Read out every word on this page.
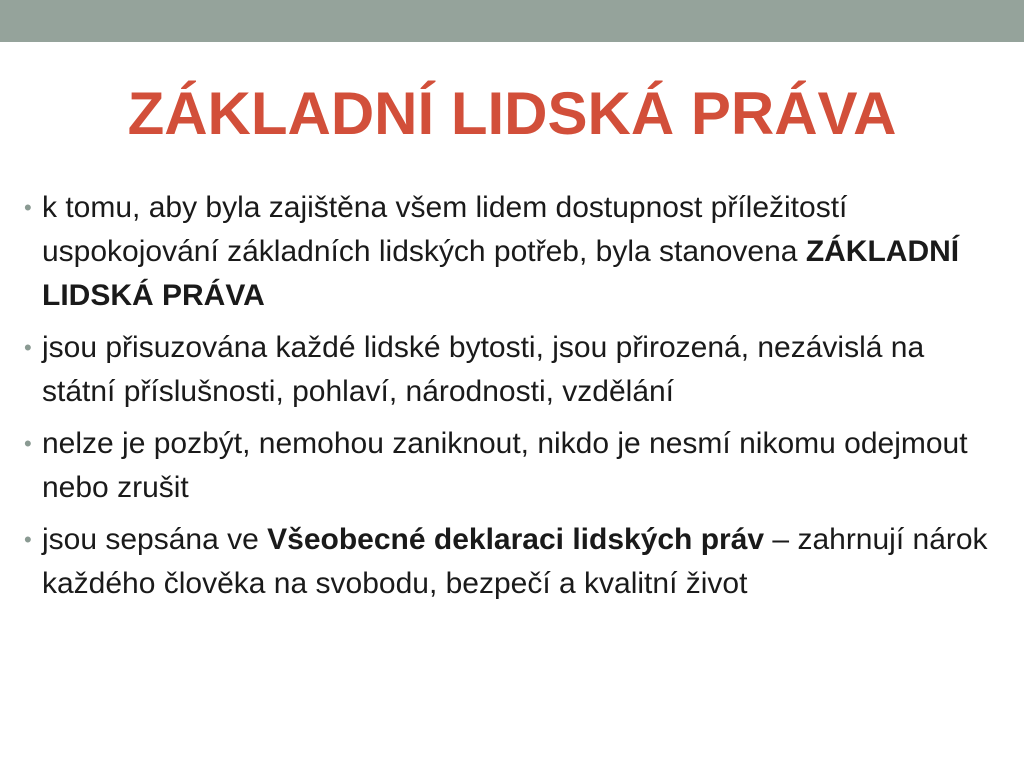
ZÁKLADNÍ LIDSKÁ PRÁVA
• k tomu, aby byla zajištěna všem lidem dostupnost příležitostí uspokojování základních lidských potřeb, byla stanovena ZÁKLADNÍ LIDSKÁ PRÁVA
• jsou přisuzována každé lidské bytosti, jsou přirozená, nezávislá na státní příslušnosti, pohlaví, národnosti, vzdělání
• nelze je pozbýt, nemohou zaniknout, nikdo je nesmí nikomu odejmout nebo zrušit
• jsou sepsána ve Všeobecné deklaraci lidských práv – zahrnují nárok každého člověka na svobodu, bezpečí a kvalitní život
